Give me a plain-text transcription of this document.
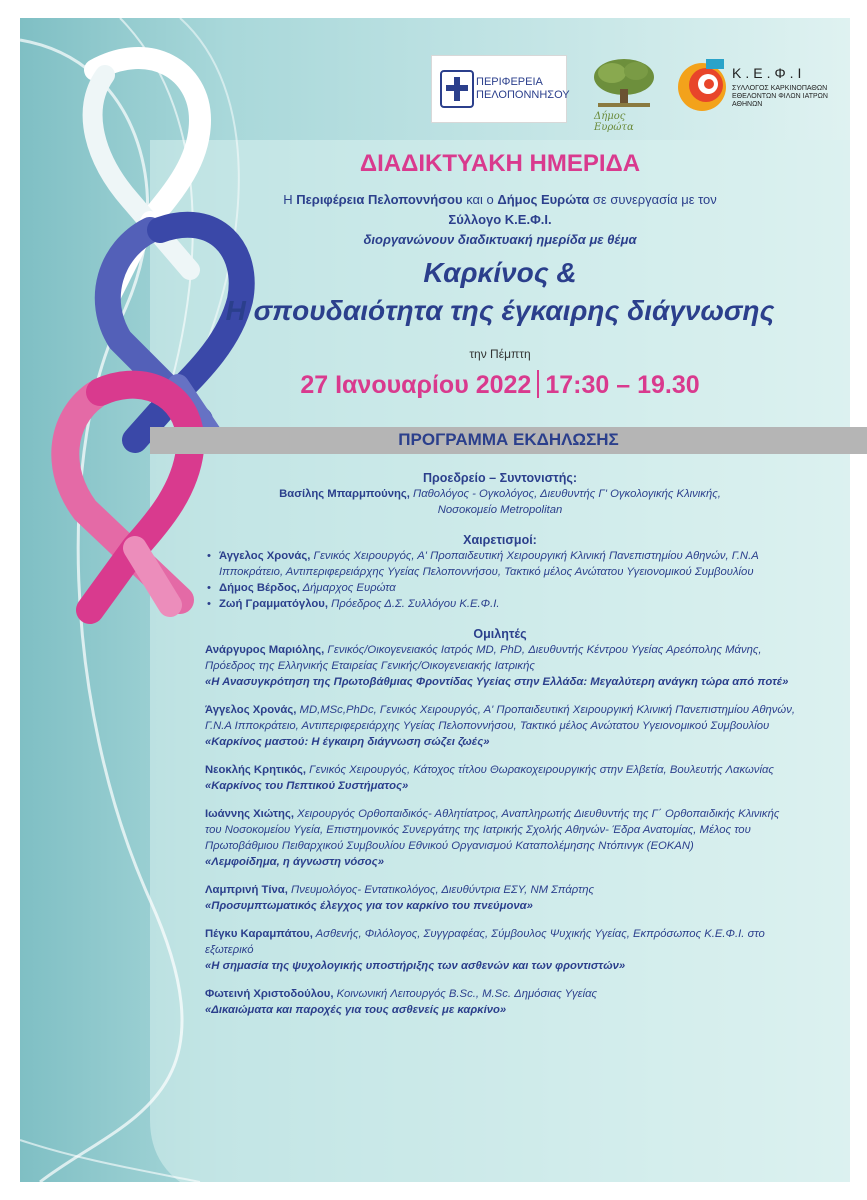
ΠΕΡΙΦΕΡΕΙΑ
ΠΕΛΟΠΟΝΝΗΣΟΥ
Δήμος Ευρώτα
Κ.Ε.Φ.Ι
ΣΥΛΛΟΓΟΣ ΚΑΡΚΙΝΟΠΑΘΩΝ
ΕΘΕΛΟΝΤΩΝ ΦΙΛΩΝ ΙΑΤΡΩΝ ΑΘΗΝΩΝ
ΔΙΑΔΙΚΤΥΑΚΗ ΗΜΕΡΙΔΑ
Η Περιφέρεια Πελοποννήσου και ο Δήμος Ευρώτα σε συνεργασία με τον
Σύλλογο Κ.Ε.Φ.Ι.
διοργανώνουν διαδικτυακή ημερίδα με θέμα
Καρκίνος &
Η σπουδαιότητα της έγκαιρης διάγνωσης
την Πέμπτη
27 Ιανουαρίου 2022 17:30 – 19.30
ΠΡΟΓΡΑΜΜΑ ΕΚΔΗΛΩΣΗΣ

Προεδρείο – Συντονιστής:

Βασίλης Μπαρμπούνης, Παθολόγος - Ογκολόγος, Διευθυντής Γ' Ογκολογικής Κλινικής,
Νοσοκομείο Metropolitan

Χαιρετισμοί:

• Άγγελος Χρονάς, Γενικός Χειρουργός, Α' Προπαιδευτική Χειρουργική Κλινική Πανεπιστημίου Αθηνών, Γ.Ν.Α Ιπποκράτειο, Αντιπεριφερειάρχης Υγείας Πελοποννήσου, Τακτικό μέλος Ανώτατου Υγειονομικού Συμβουλίου
• Δήμος Βέρδος, Δήμαρχος Ευρώτα
• Ζωή Γραμματόγλου, Πρόεδρος Δ.Σ. Συλλόγου Κ.Ε.Φ.Ι.

Ομιλητές

Ανάργυρος Μαριόλης, Γενικός/Οικογενειακός Ιατρός MD, PhD, Διευθυντής Κέντρου Υγείας Αρεόπολης Μάνης, Πρόεδρος της Ελληνικής Εταιρείας Γενικής/Οικογενειακής Ιατρικής
«Η Ανασυγκρότηση της Πρωτοβάθμιας Φροντίδας Υγείας στην Ελλάδα: Μεγαλύτερη ανάγκη τώρα από ποτέ»
Άγγελος Χρονάς, MD,MSc,PhDc, Γενικός Χειρουργός, Α' Προπαιδευτική Χειρουργική Κλινική Πανεπιστημίου Αθηνών, Γ.Ν.Α Ιπποκράτειο, Αντιπεριφερειάρχης Υγείας Πελοποννήσου, Τακτικό μέλος Ανώτατου Υγειονομικού Συμβουλίου
«Καρκίνος μαστού: Η έγκαιρη διάγνωση σώζει ζωές»
Νεοκλής Κρητικός, Γενικός Χειρουργός, Κάτοχος τίτλου Θωρακοχειρουργικής στην Ελβετία, Βουλευτής Λακωνίας
«Καρκίνος του Πεπτικού Συστήματος»
Ιωάννης Χιώτης, Χειρουργός Ορθοπαιδικός- Αθλητίατρος, Αναπληρωτής Διευθυντής της Γ΄ Ορθοπαιδικής Κλινικής του Νοσοκομείου Υγεία, Επιστημονικός Συνεργάτης της Ιατρικής Σχολής Αθηνών- Έδρα Ανατομίας, Μέλος του Πρωτοβάθμιου Πειθαρχικού Συμβουλίου Εθνικού Οργανισμού Καταπολέμησης Ντόπινγκ (ΕΟΚΑΝ)
«Λεμφοίδημα, η άγνωστη νόσος»
Λαμπρινή Τίνα, Πνευμολόγος- Εντατικολόγος, Διευθύντρια ΕΣΥ, ΝΜ Σπάρτης
«Προσυμπτωματικός έλεγχος για τον καρκίνο του πνεύμονα»
Πέγκυ Καραμπάτου, Ασθενής, Φιλόλογος, Συγγραφέας, Σύμβουλος Ψυχικής Υγείας, Εκπρόσωπος Κ.Ε.Φ.Ι. στο εξωτερικό
«Η σημασία της ψυχολογικής υποστήριξης των ασθενών και των φροντιστών»
Φωτεινή Χριστοδούλου, Κοινωνική Λειτουργός B.Sc., M.Sc. Δημόσιας Υγείας
«Δικαιώματα και παροχές για τους ασθενείς με καρκίνο»
